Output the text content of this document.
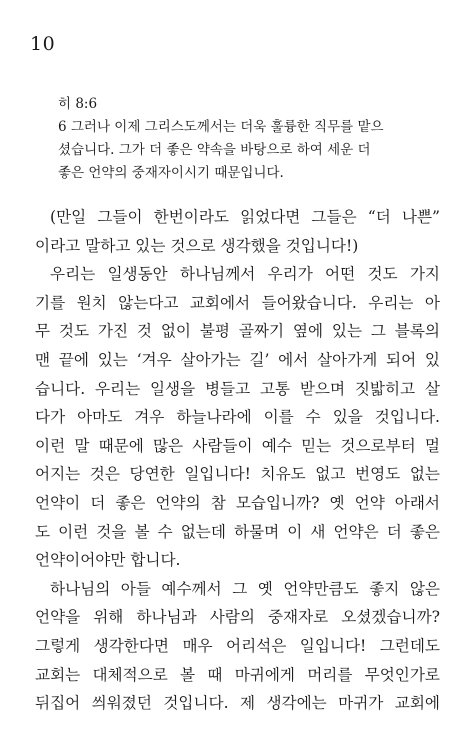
10

히 8:6

6 그러나 이제 그리스도께서는 더욱 훌륭한 직무를 맡으

셨습니다. 그가 더 좋은 약속을 바탕으로 하여 세운 더

좋은 언약의 중재자이시기 때문입니다.

(만일 그들이 한번이라도 읽었다면 그들은 “더 나쁜”

이라고 말하고 있는 것으로 생각했을 것입니다!)

우리는 일생동안 하나님께서 우리가 어떤 것도 가지

기를 원치 않는다고 교회에서 들어왔습니다. 우리는 아

무 것도 가진 것 없이 불평 골짜기 옆에 있는 그 블록의

맨 끝에 있는 ‘겨우 살아가는 길’ 에서 살아가게 되어 있

습니다. 우리는 일생을 병들고 고통 받으며 짓밟히고 살

다가 아마도 겨우 하늘나라에 이를 수 있을 것입니다.

이런 말 때문에 많은 사람들이 예수 믿는 것으로부터 멀

어지는 것은 당연한 일입니다! 치유도 없고 번영도 없는

언약이 더 좋은 언약의 참 모습입니까? 옛 언약 아래서

도 이런 것을 볼 수 없는데 하물며 이 새 언약은 더 좋은

언약이어야만 합니다.

하나님의 아들 예수께서 그 옛 언약만큼도 좋지 않은

언약을 위해 하나님과 사람의 중재자로 오셨겠습니까?

그렇게 생각한다면 매우 어리석은 일입니다! 그런데도

교회는 대체적으로 볼 때 마귀에게 머리를 무엇인가로

뒤집어 씌워졌던 것입니다. 제 생각에는 마귀가 교회에
